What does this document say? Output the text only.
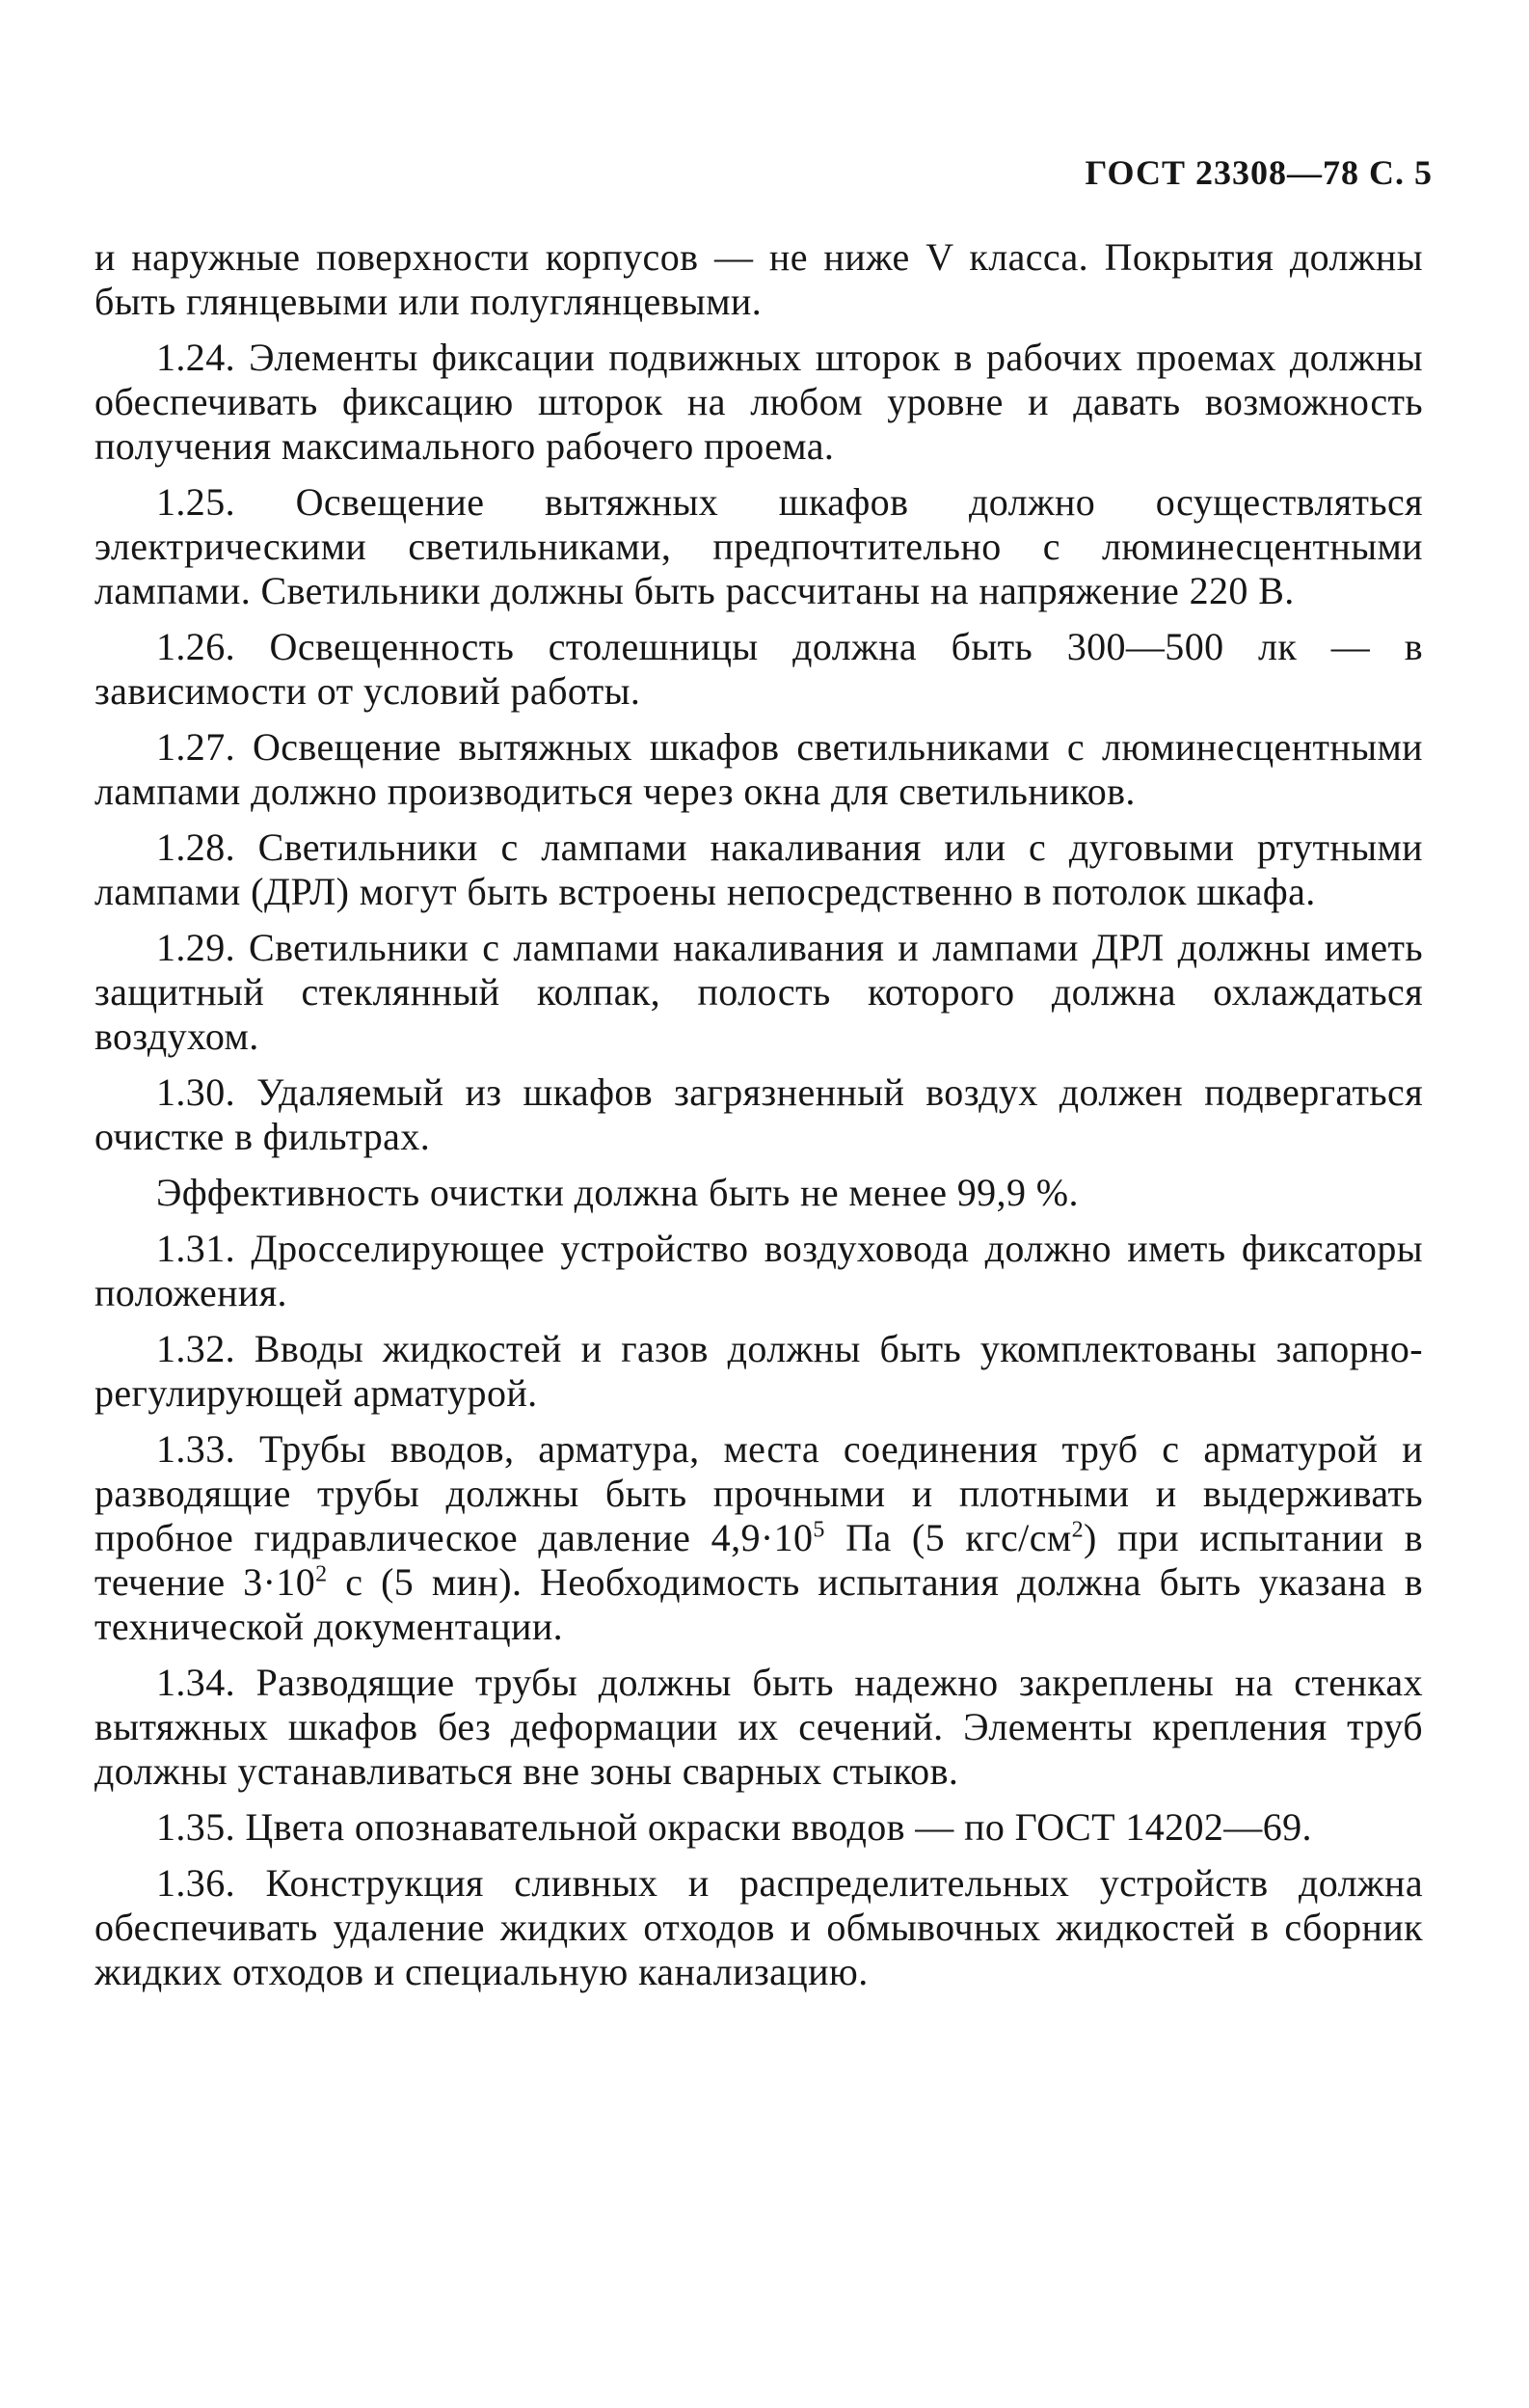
ГОСТ 23308—78 С. 5

и наружные поверхности корпусов — не ниже V класса. Покрытия должны быть глянцевыми или полуглянцевыми.

1.24. Элементы фиксации подвижных шторок в рабочих проемах должны обеспечивать фиксацию шторок на любом уровне и давать возможность получения максимального рабочего проема.

1.25. Освещение вытяжных шкафов должно осуществляться электрическими светильниками, предпочтительно с люминесцентными лампами. Светильники должны быть рассчитаны на напряжение 220 В.

1.26. Освещенность столешницы должна быть 300—500 лк — в зависимости от условий работы.

1.27. Освещение вытяжных шкафов светильниками с люминесцентными лампами должно производиться через окна для светильников.

1.28. Светильники с лампами накаливания или с дуговыми ртутными лампами (ДРЛ) могут быть встроены непосредственно в потолок шкафа.

1.29. Светильники с лампами накаливания и лампами ДРЛ должны иметь защитный стеклянный колпак, полость которого должна охлаждаться воздухом.

1.30. Удаляемый из шкафов загрязненный воздух должен подвергаться очистке в фильтрах.

Эффективность очистки должна быть не менее 99,9 %.

1.31. Дросселирующее устройство воздуховода должно иметь фиксаторы положения.

1.32. Вводы жидкостей и газов должны быть укомплектованы запорно-регулирующей арматурой.

1.33. Трубы вводов, арматура, места соединения труб с арматурой и разводящие трубы должны быть прочными и плотными и выдерживать пробное гидравлическое давление $4,9\cdot 10^5$ Па (5 кгс/$см^2$) при испытании в течение $3\cdot 10^2$ с (5 мин). Необходимость испытания должна быть указана в технической документации.

1.34. Разводящие трубы должны быть надежно закреплены на стенках вытяжных шкафов без деформации их сечений. Элементы крепления труб должны устанавливаться вне зоны сварных стыков.

1.35. Цвета опознавательной окраски вводов — по ГОСТ 14202—69.

1.36. Конструкция сливных и распределительных устройств должна обеспечивать удаление жидких отходов и обмывочных жидкостей в сборник жидких отходов и специальную канализацию.
